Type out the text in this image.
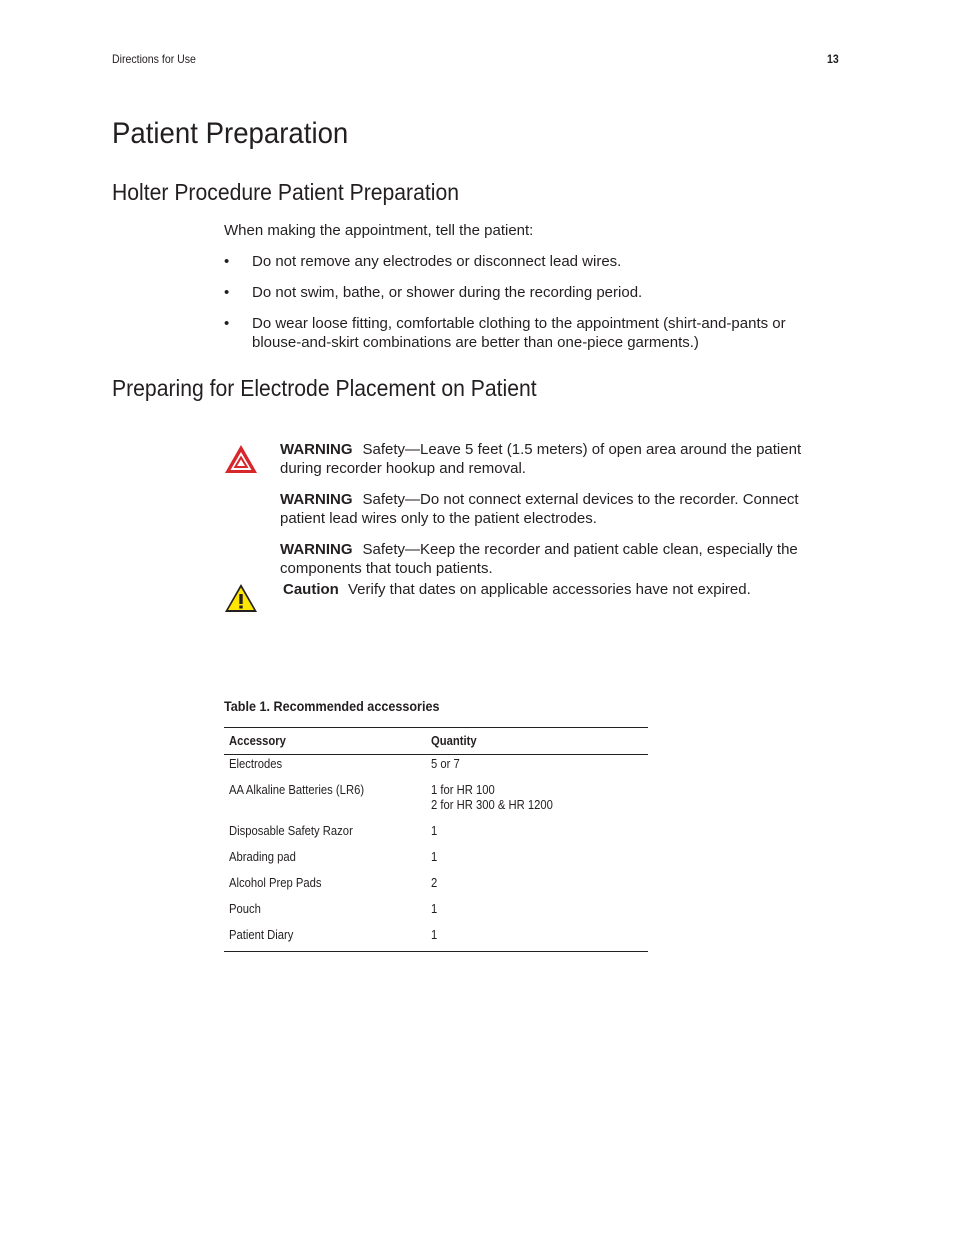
Directions for Use	13
Patient Preparation
Holter Procedure Patient Preparation
When making the appointment, tell the patient:
• Do not remove any electrodes or disconnect lead wires.
• Do not swim, bathe, or shower during the recording period.
• Do wear loose fitting, comfortable clothing to the appointment (shirt-and-pants or blouse-and-skirt combinations are better than one-piece garments.)
Preparing for Electrode Placement on Patient
WARNING Safety—Leave 5 feet (1.5 meters) of open area around the patient during recorder hookup and removal.
WARNING Safety—Do not connect external devices to the recorder. Connect patient lead wires only to the patient electrodes.
WARNING Safety—Keep the recorder and patient cable clean, especially the components that touch patients.
Caution Verify that dates on applicable accessories have not expired.
Table 1. Recommended accessories
Accessory	Quantity
Electrodes	5 or 7
AA Alkaline Batteries (LR6)	1 for HR 100
2 for HR 300 & HR 1200

Disposable Safety Razor	1
Abrading pad	1
Alcohol Prep Pads	2
Pouch	1
Patient Diary	1
